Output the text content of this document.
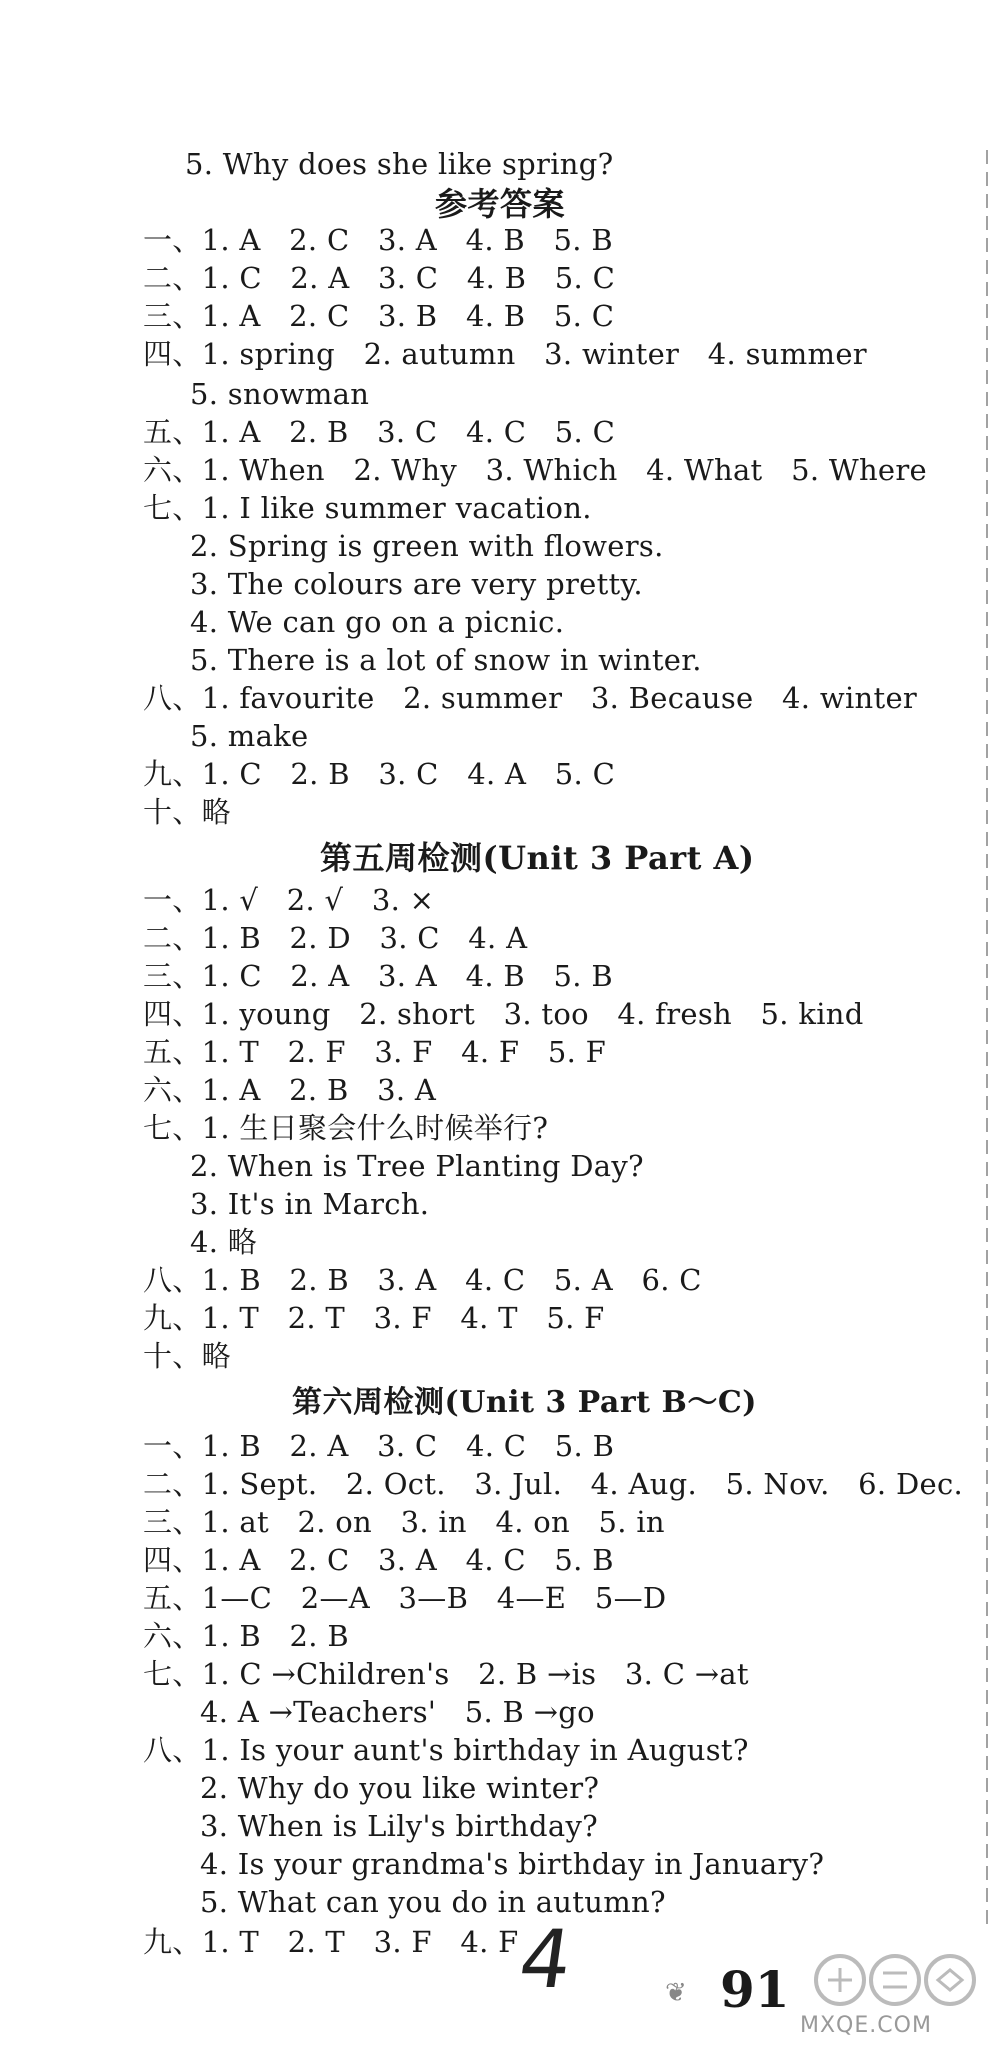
5. Why does she like spring?
参考答案
一、1. A   2. C   3. A   4. B   5. B
二、1. C   2. A   3. C   4. B   5. C
三、1. A   2. C   3. B   4. B   5. C
四、1. spring   2. autumn   3. winter   4. summer
5. snowman
五、1. A   2. B   3. C   4. C   5. C
六、1. When   2. Why   3. Which   4. What   5. Where
七、1. I like summer vacation.
2. Spring is green with flowers.
3. The colours are very pretty.
4. We can go on a picnic.
5. There is a lot of snow in winter.
八、1. favourite   2. summer   3. Because   4. winter
5. make
九、1. C   2. B   3. C   4. A   5. C
十、略
第五周检测(Unit 3 Part A)
一、1. √   2. √   3. ×
二、1. B   2. D   3. C   4. A
三、1. C   2. A   3. A   4. B   5. B
四、1. young   2. short   3. too   4. fresh   5. kind
五、1. T   2. F   3. F   4. F   5. F
六、1. A   2. B   3. A
七、1. 生日聚会什么时候举行?
2. When is Tree Planting Day?
3. It's in March.
4. 略
八、1. B   2. B   3. A   4. C   5. A   6. C
九、1. T   2. T   3. F   4. T   5. F
十、略
第六周检测(Unit 3 Part B～C)
一、1. B   2. A   3. C   4. C   5. B
二、1. Sept.   2. Oct.   3. Jul.   4. Aug.   5. Nov.   6. Dec.
三、1. at   2. on   3. in   4. on   5. in
四、1. A   2. C   3. A   4. C   5. B
五、1—C   2—A   3—B   4—E   5—D
六、1. B   2. B
七、1. C →Children's   2. B →is   3. C →at
4. A →Teachers'   5. B →go
八、1. Is your aunt's birthday in August?
2. Why do you like winter?
3. When is Lily's birthday?
4. Is your grandma's birthday in January?
5. What can you do in autumn?
九、1. T   2. T   3. F   4. F
4	❦ 91
MXQE.COM
